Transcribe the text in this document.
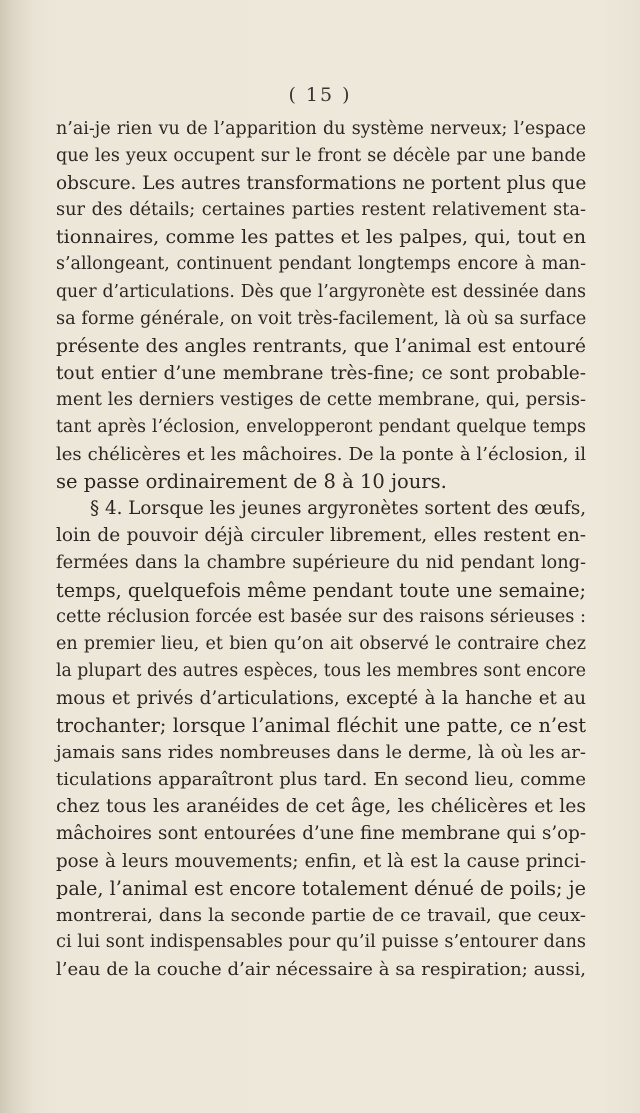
( 15 )
n’ai-je rien vu de l’apparition du système nerveux; l’espace
que les yeux occupent sur le front se décèle par une bande
obscure. Les autres transformations ne portent plus que
sur des détails; certaines parties restent relativement sta-
tionnaires, comme les pattes et les palpes, qui, tout en
s’allongeant, continuent pendant longtemps encore à man-
quer d’articulations. Dès que l’argyronète est dessinée dans
sa forme générale, on voit très-facilement, là où sa surface
présente des angles rentrants, que l’animal est entouré
tout entier d’une membrane très-fine; ce sont probable-
ment les derniers vestiges de cette membrane, qui, persis-
tant après l’éclosion, envelopperont pendant quelque temps
les chélicères et les mâchoires. De la ponte à l’éclosion, il
se passe ordinairement de 8 à 10 jours.
§ 4. Lorsque les jeunes argyronètes sortent des œufs,
loin de pouvoir déjà circuler librement, elles restent en-
fermées dans la chambre supérieure du nid pendant long-
temps, quelquefois même pendant toute une semaine;
cette réclusion forcée est basée sur des raisons sérieuses :
en premier lieu, et bien qu’on ait observé le contraire chez
la plupart des autres espèces, tous les membres sont encore
mous et privés d’articulations, excepté à la hanche et au
trochanter; lorsque l’animal fléchit une patte, ce n’est
jamais sans rides nombreuses dans le derme, là où les ar-
ticulations apparaîtront plus tard. En second lieu, comme
chez tous les aranéides de cet âge, les chélicères et les
mâchoires sont entourées d’une fine membrane qui s’op-
pose à leurs mouvements; enfin, et là est la cause princi-
pale, l’animal est encore totalement dénué de poils; je
montrerai, dans la seconde partie de ce travail, que ceux-
ci lui sont indispensables pour qu’il puisse s’entourer dans
l’eau de la couche d’air nécessaire à sa respiration; aussi,
